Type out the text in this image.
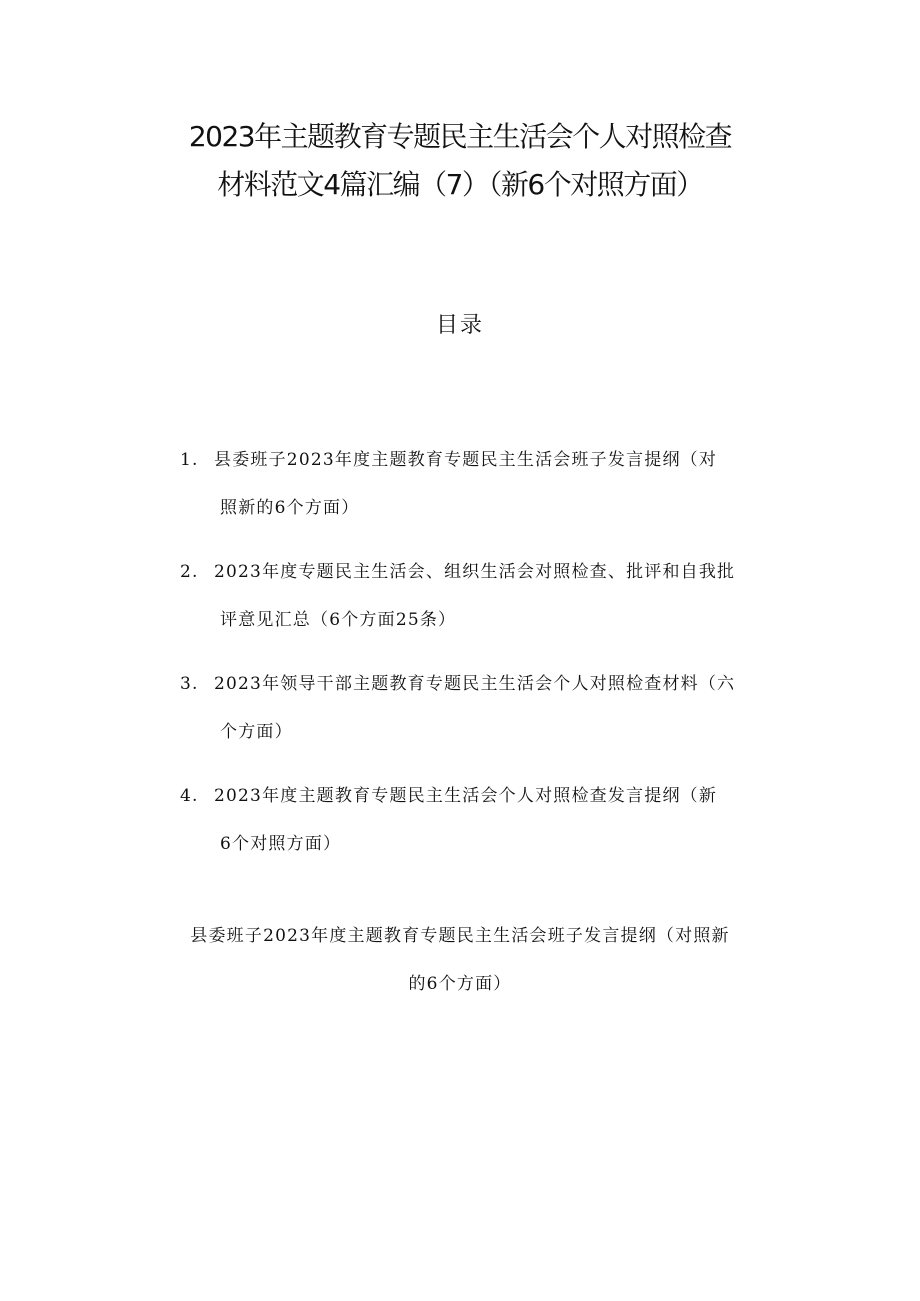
2023年主题教育专题民主生活会个人对照检查
材料范文4篇汇编（7）（新6个对照方面）
目录
1. 县委班子2023年度主题教育专题民主生活会班子发言提纲（对
照新的6个方面）
2. 2023年度专题民主生活会、组织生活会对照检查、批评和自我批
评意见汇总（6个方面25条）
3. 2023年领导干部主题教育专题民主生活会个人对照检查材料（六
个方面）
4. 2023年度主题教育专题民主生活会个人对照检查发言提纲（新
6个对照方面）
县委班子2023年度主题教育专题民主生活会班子发言提纲（对照新
的6个方面）
